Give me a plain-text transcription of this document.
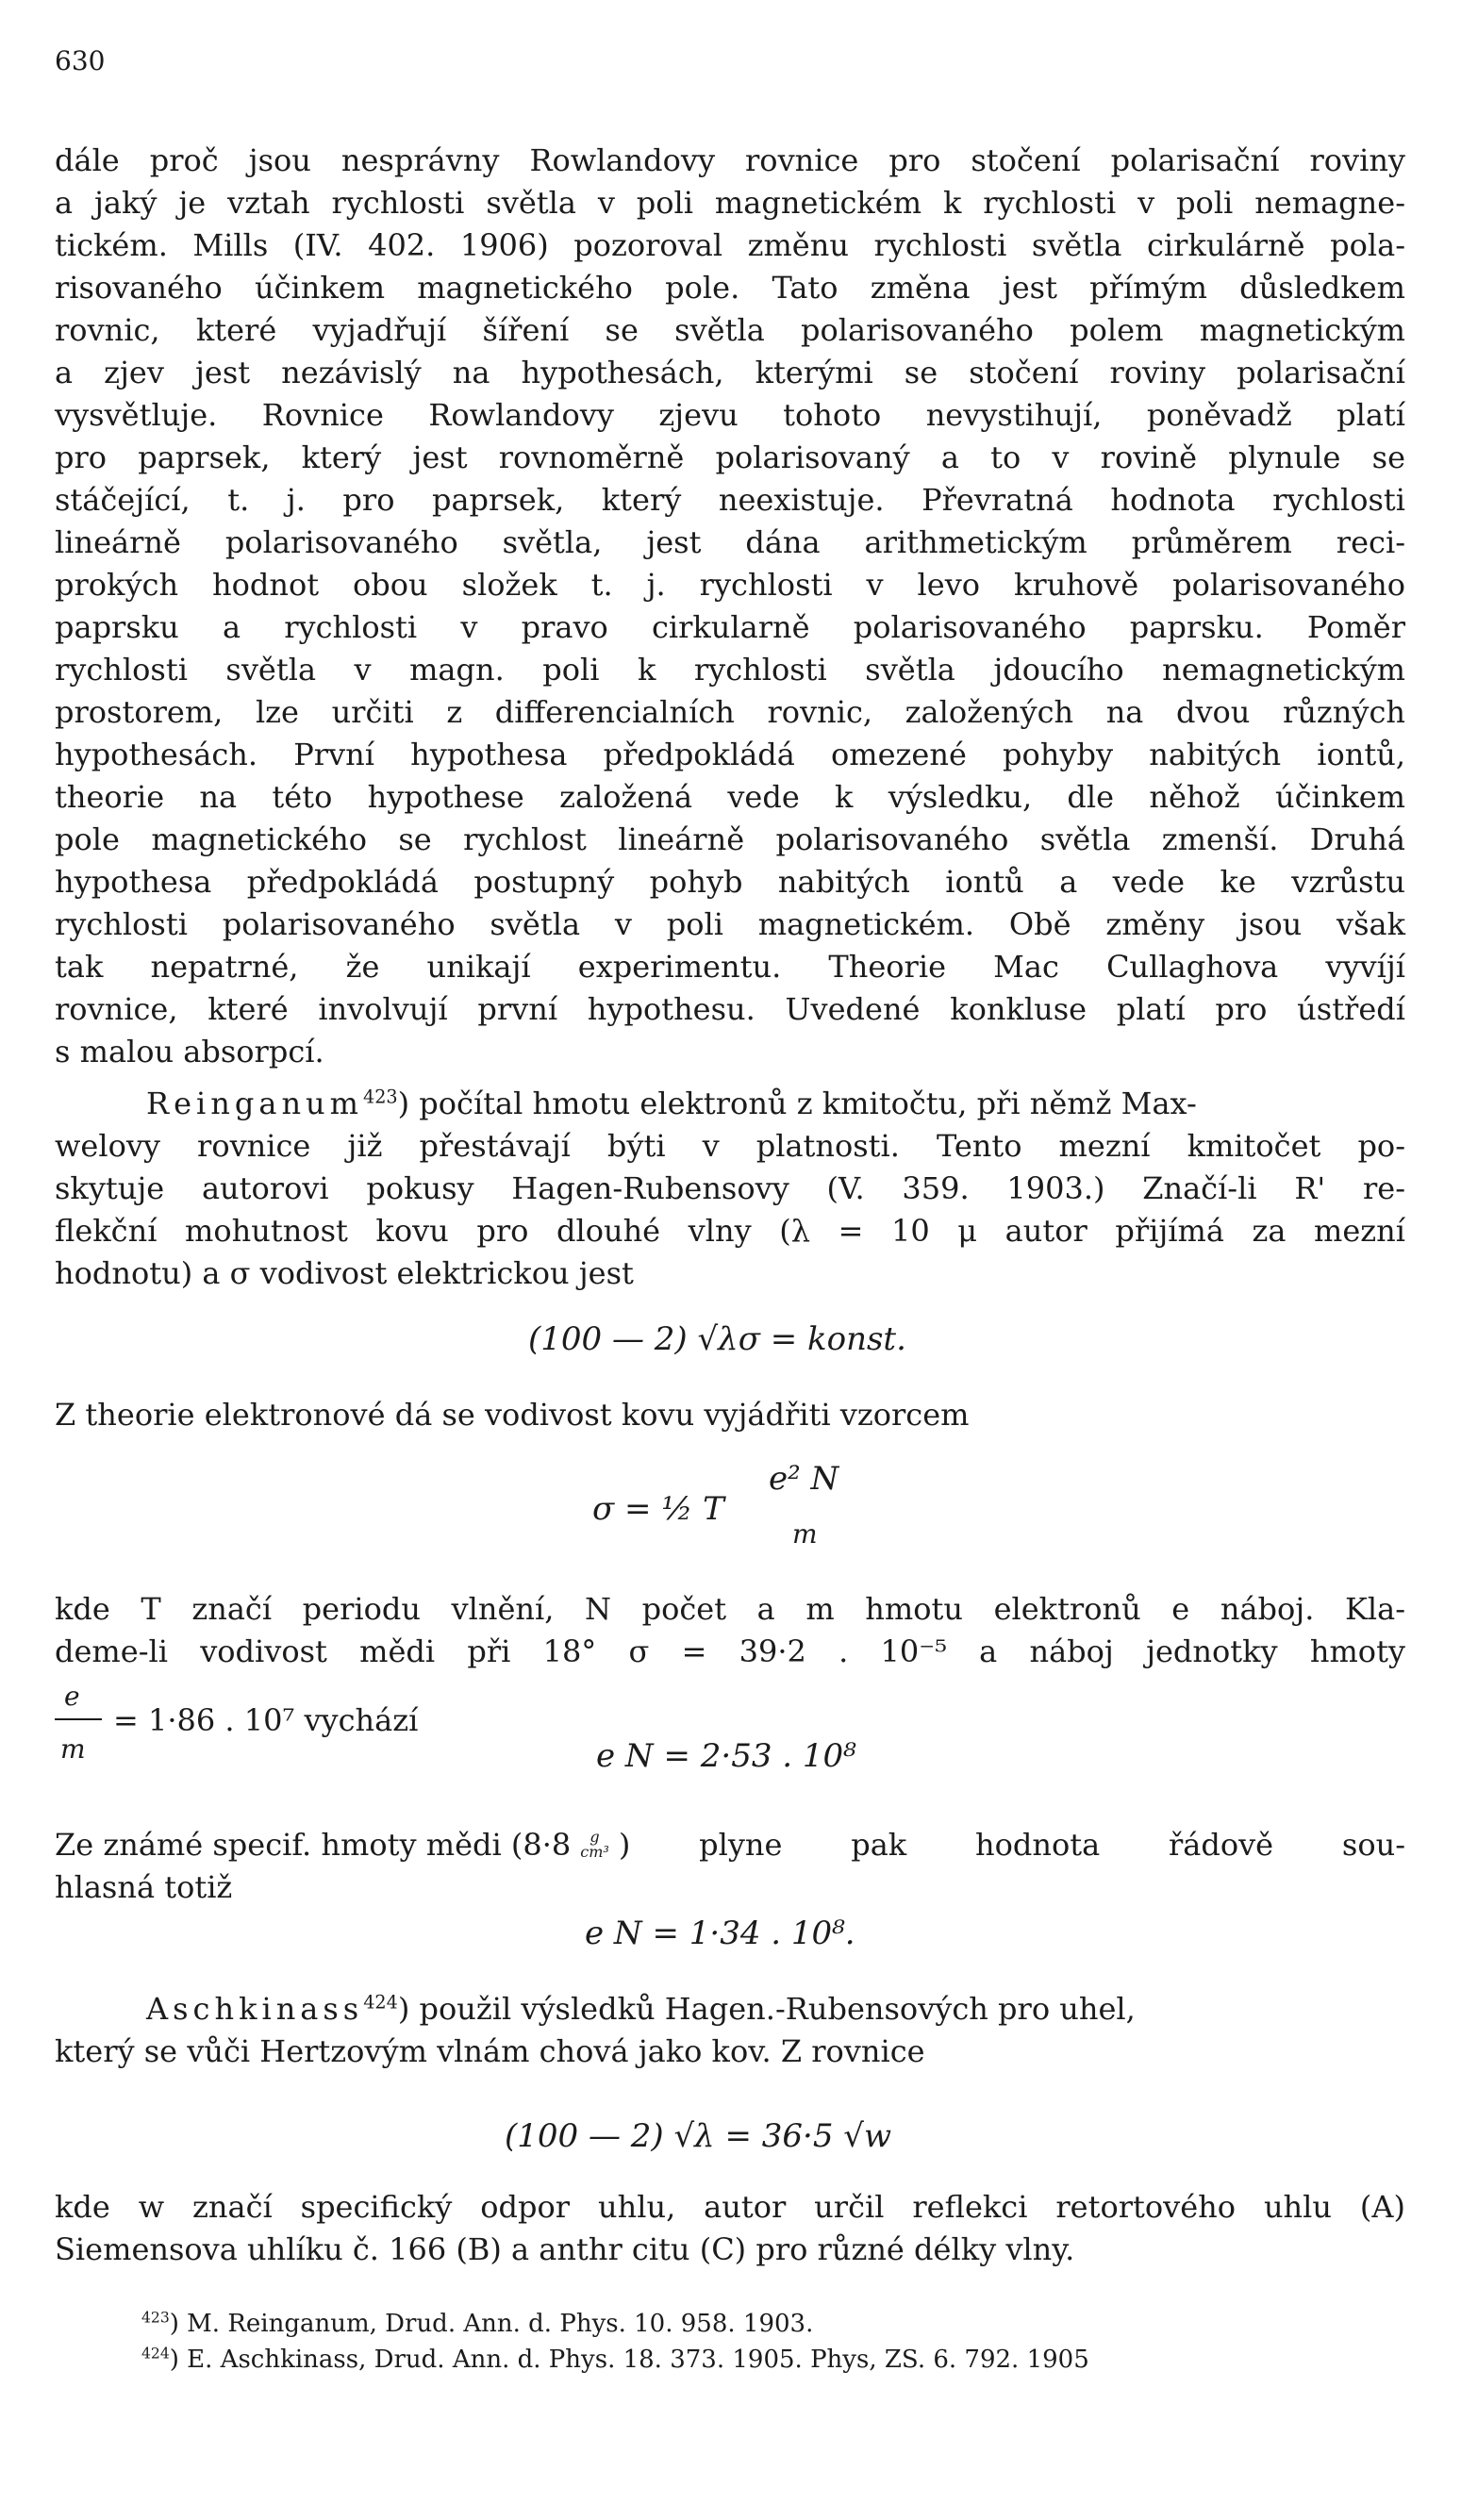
630
dále proč jsou nesprávny Rowlandovy rovnice pro stočení polarisační roviny
a jaký je vztah rychlosti světla v poli magnetickém k rychlosti v poli nemagne-
tickém. Mills (IV. 402. 1906) pozoroval změnu rychlosti světla cirkulárně pola-
risovaného účinkem magnetického pole. Tato změna jest přímým důsledkem
rovnic, které vyjadřují šíření se světla polarisovaného polem magnetickým
a zjev jest nezávislý na hypothesách, kterými se stočení roviny polarisační
vysvětluje. Rovnice Rowlandovy zjevu tohoto nevystihují, poněvadž platí
pro paprsek, který jest rovnoměrně polarisovaný a to v rovině plynule se
stáčející, t. j. pro paprsek, který neexistuje. Převratná hodnota rychlosti
lineárně polarisovaného světla, jest dána arithmetickým průměrem reci-
prokých hodnot obou složek t. j. rychlosti v levo kruhově polarisovaného
paprsku a rychlosti v pravo cirkularně polarisovaného paprsku. Poměr
rychlosti světla v magn. poli k rychlosti světla jdoucího nemagnetickým
prostorem, lze určiti z differencialních rovnic, založených na dvou různých
hypothesách. První hypothesa předpokládá omezené pohyby nabitých iontů,
theorie na této hypothese založená vede k výsledku, dle něhož účinkem
pole magnetického se rychlost lineárně polarisovaného světla zmenší. Druhá
hypothesa předpokládá postupný pohyb nabitých iontů a vede ke vzrůstu
rychlosti polarisovaného světla v poli magnetickém. Obě změny jsou však
tak nepatrné, že unikají experimentu. Theorie Mac Cullaghova vyvíjí
rovnice, které involvují první hypothesu. Uvedené konkluse platí pro ústředí
s malou absorpcí.
Reinganum$^{423}$) počítal hmotu elektronů z kmitočtu, při němž Max-
welovy rovnice již přestávají býti v platnosti. Tento mezní kmitočet po-
skytuje autorovi pokusy Hagen-Rubensovy (V. 359. 1903.) Značí-li R' re-
flekční mohutnost kovu pro dlouhé vlny (λ = 10 μ autor přijímá za mezní
hodnotu) a σ vodivost elektrickou jest
(100 — 2) √λσ = konst.
Z theorie elektronové dá se vodivost kovu vyjádřiti vzorcem
σ = ½ T
e² N
m
kde T značí periodu vlnění, N počet a m hmotu elektronů e náboj. Kla-
deme-li vodivost mědi při 18° σ = 39·2 . 10⁻⁵ a náboj jednotky hmoty
e
m
= 1·86 . 10⁷ vychází
e N = 2·53 . 10⁸
Ze známé specif. hmoty mědi (8·8 g
cm³ ) plyne pak hodnota řádově sou-
hlasná totiž
e N = 1·34 . 10⁸.
Aschkinass$^{424}$) použil výsledků Hagen.-Rubensových pro uhel,
který se vůči Hertzovým vlnám chová jako kov. Z rovnice
(100 — 2) √λ = 36·5 √w
kde w značí specifický odpor uhlu, autor určil reflekci retortového uhlu (A)
Siemensova uhlíku č. 166 (B) a anthr citu (C) pro různé délky vlny.
$^{423}$) M. Reinganum, Drud. Ann. d. Phys. 10. 958. 1903.
$^{424}$) E. Aschkinass, Drud. Ann. d. Phys. 18. 373. 1905. Phys, ZS. 6. 792. 1905
